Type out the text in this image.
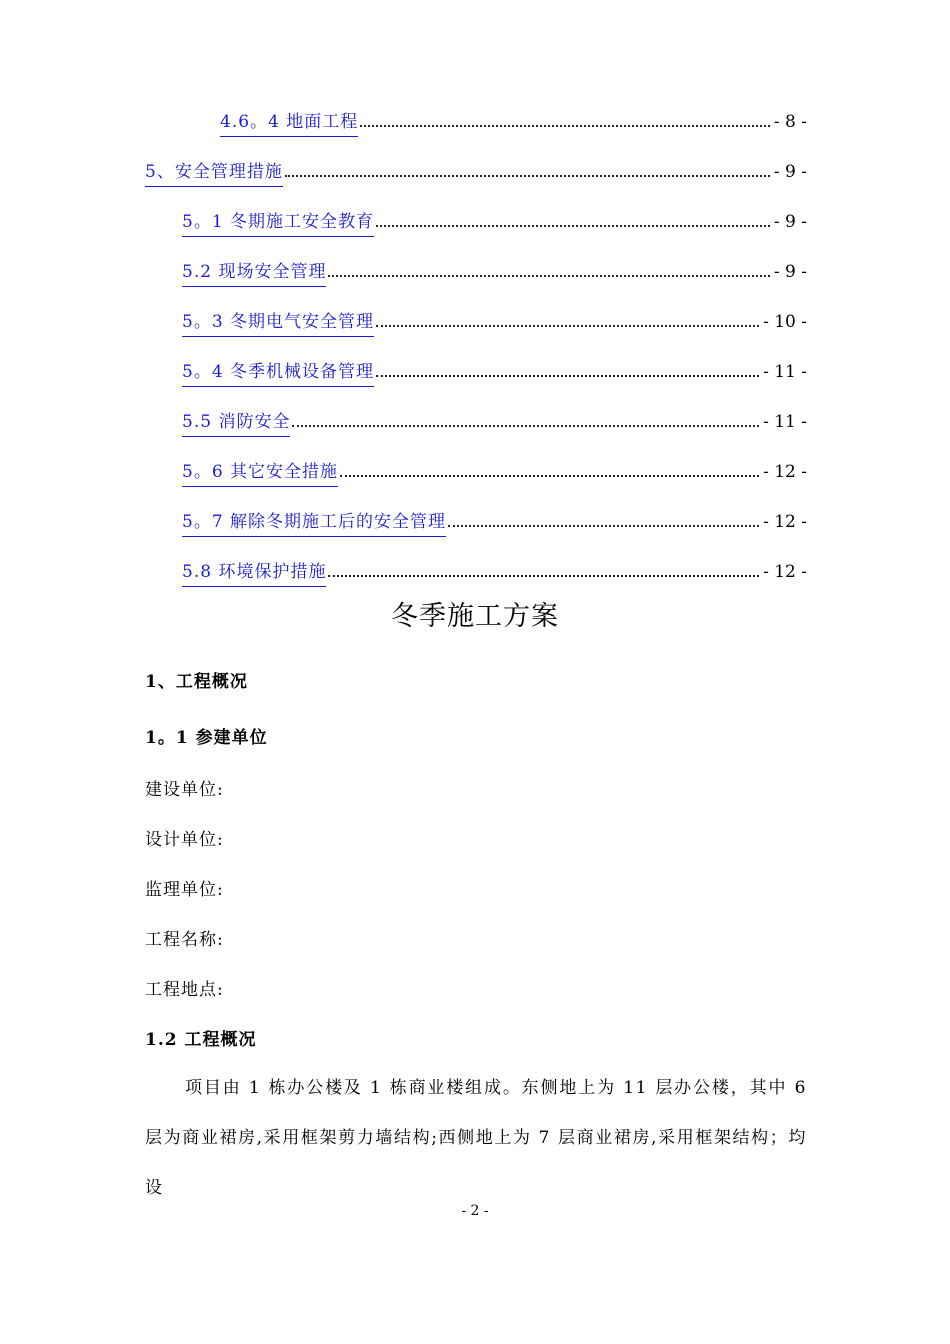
4.6。4 地面工程	- 8 -
5、安全管理措施	- 9 -
5。1 冬期施工安全教育	- 9 -
5.2 现场安全管理	- 9 -
5。3 冬期电气安全管理	- 10 -
5。4 冬季机械设备管理	- 11 -
5.5 消防安全	- 11 -
5。6 其它安全措施	- 12 -
5。7 解除冬期施工后的安全管理	- 12 -
5.8 环境保护措施	- 12 -
冬季施工方案
1、工程概况
1。1 参建单位
建设单位:
设计单位:
监理单位:
工程名称:
工程地点:
1.2 工程概况
项目由 1 栋办公楼及 1 栋商业楼组成。东侧地上为 11 层办公楼，其中 6 层为商业裙房,采用框架剪力墙结构;西侧地上为 7 层商业裙房,采用框架结构；均设
- 2 -
